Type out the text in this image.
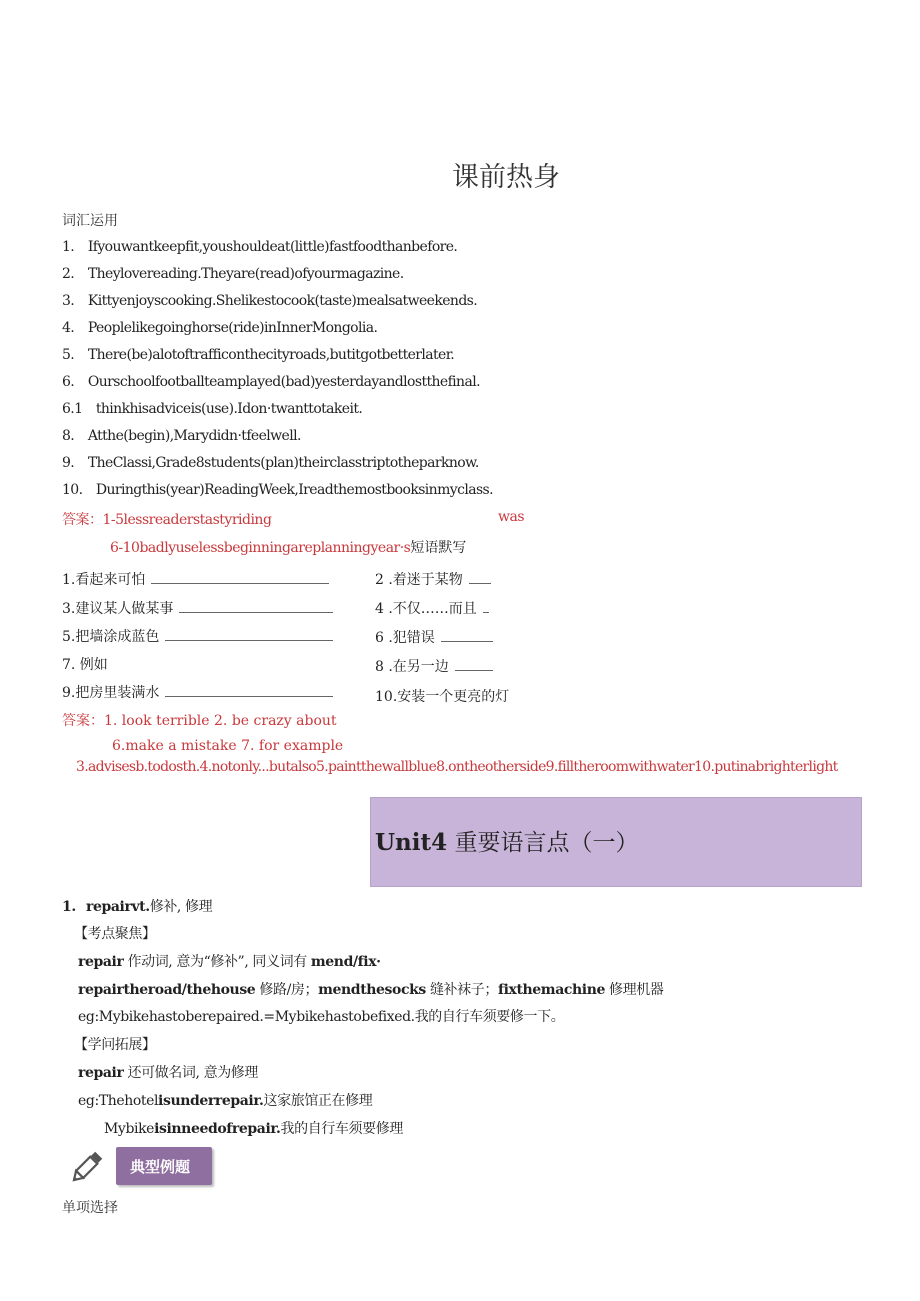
课前热身
词汇运用
1. Ifyouwantkeepfit,youshouldeat(little)fastfoodthanbefore.
2. Theylovereading.Theyare(read)ofyourmagazine.
3. Kittyenjoyscooking.Shelikestocook(taste)mealsatweekends.
4. Peoplelikegoinghorse(ride)inInnerMongolia.
5. There(be)alotoftrafficonthecityroads,butitgotbetterlater.
6. Ourschoolfootballteamplayed(bad)yesterdayandlostthefinal.
6.1 thinkhisadviceis(use).Idon·twanttotakeit.
8. Atthe(begin),Marydidn·tfeelwell.
9. TheClassi,Grade8students(plan)theirclasstriptotheparknow.
10. Duringthis(year)ReadingWeek,Ireadthemostbooksinmyclass.
答案：1-5lessreaderstastyriding	was
6-10badlyuselessbeginningareplanningyear·s短语默写
1.看起来可怕
3.建议某人做某事
5.把墙涂成蓝色
7. 例如
9.把房里装满水
2 .着迷于某物
4 .不仅……而且
6 .犯错误
8 .在另一边
10.安装一个更亮的灯
答案：1. look terrible 2. be crazy about
6.make a mistake 7. for example
3.advisesb.todosth.4.notonly...butalso5.paintthewallblue8.ontheotherside9.filltheroomwithwater10.putinabrighterlight
Unit4 重要语言点（一）
1. repairvt.修补, 修理
【考点聚焦】
repair 作动词, 意为“修补”, 同义词有 mend/fix·
repairtheroad/thehouse 修路/房；mendthesocks 缝补袜子；fixthemachine 修理机器
eg:Mybikehastoberepaired.=Mybikehastobefixed.我的自行车须要修一下。
【学问拓展】
repair 还可做名词, 意为修理
eg:Thehotelisunderrepair.这家旅馆正在修理
Mybikeisinneedofrepair.我的自行车须要修理
典型例题
单项选择
